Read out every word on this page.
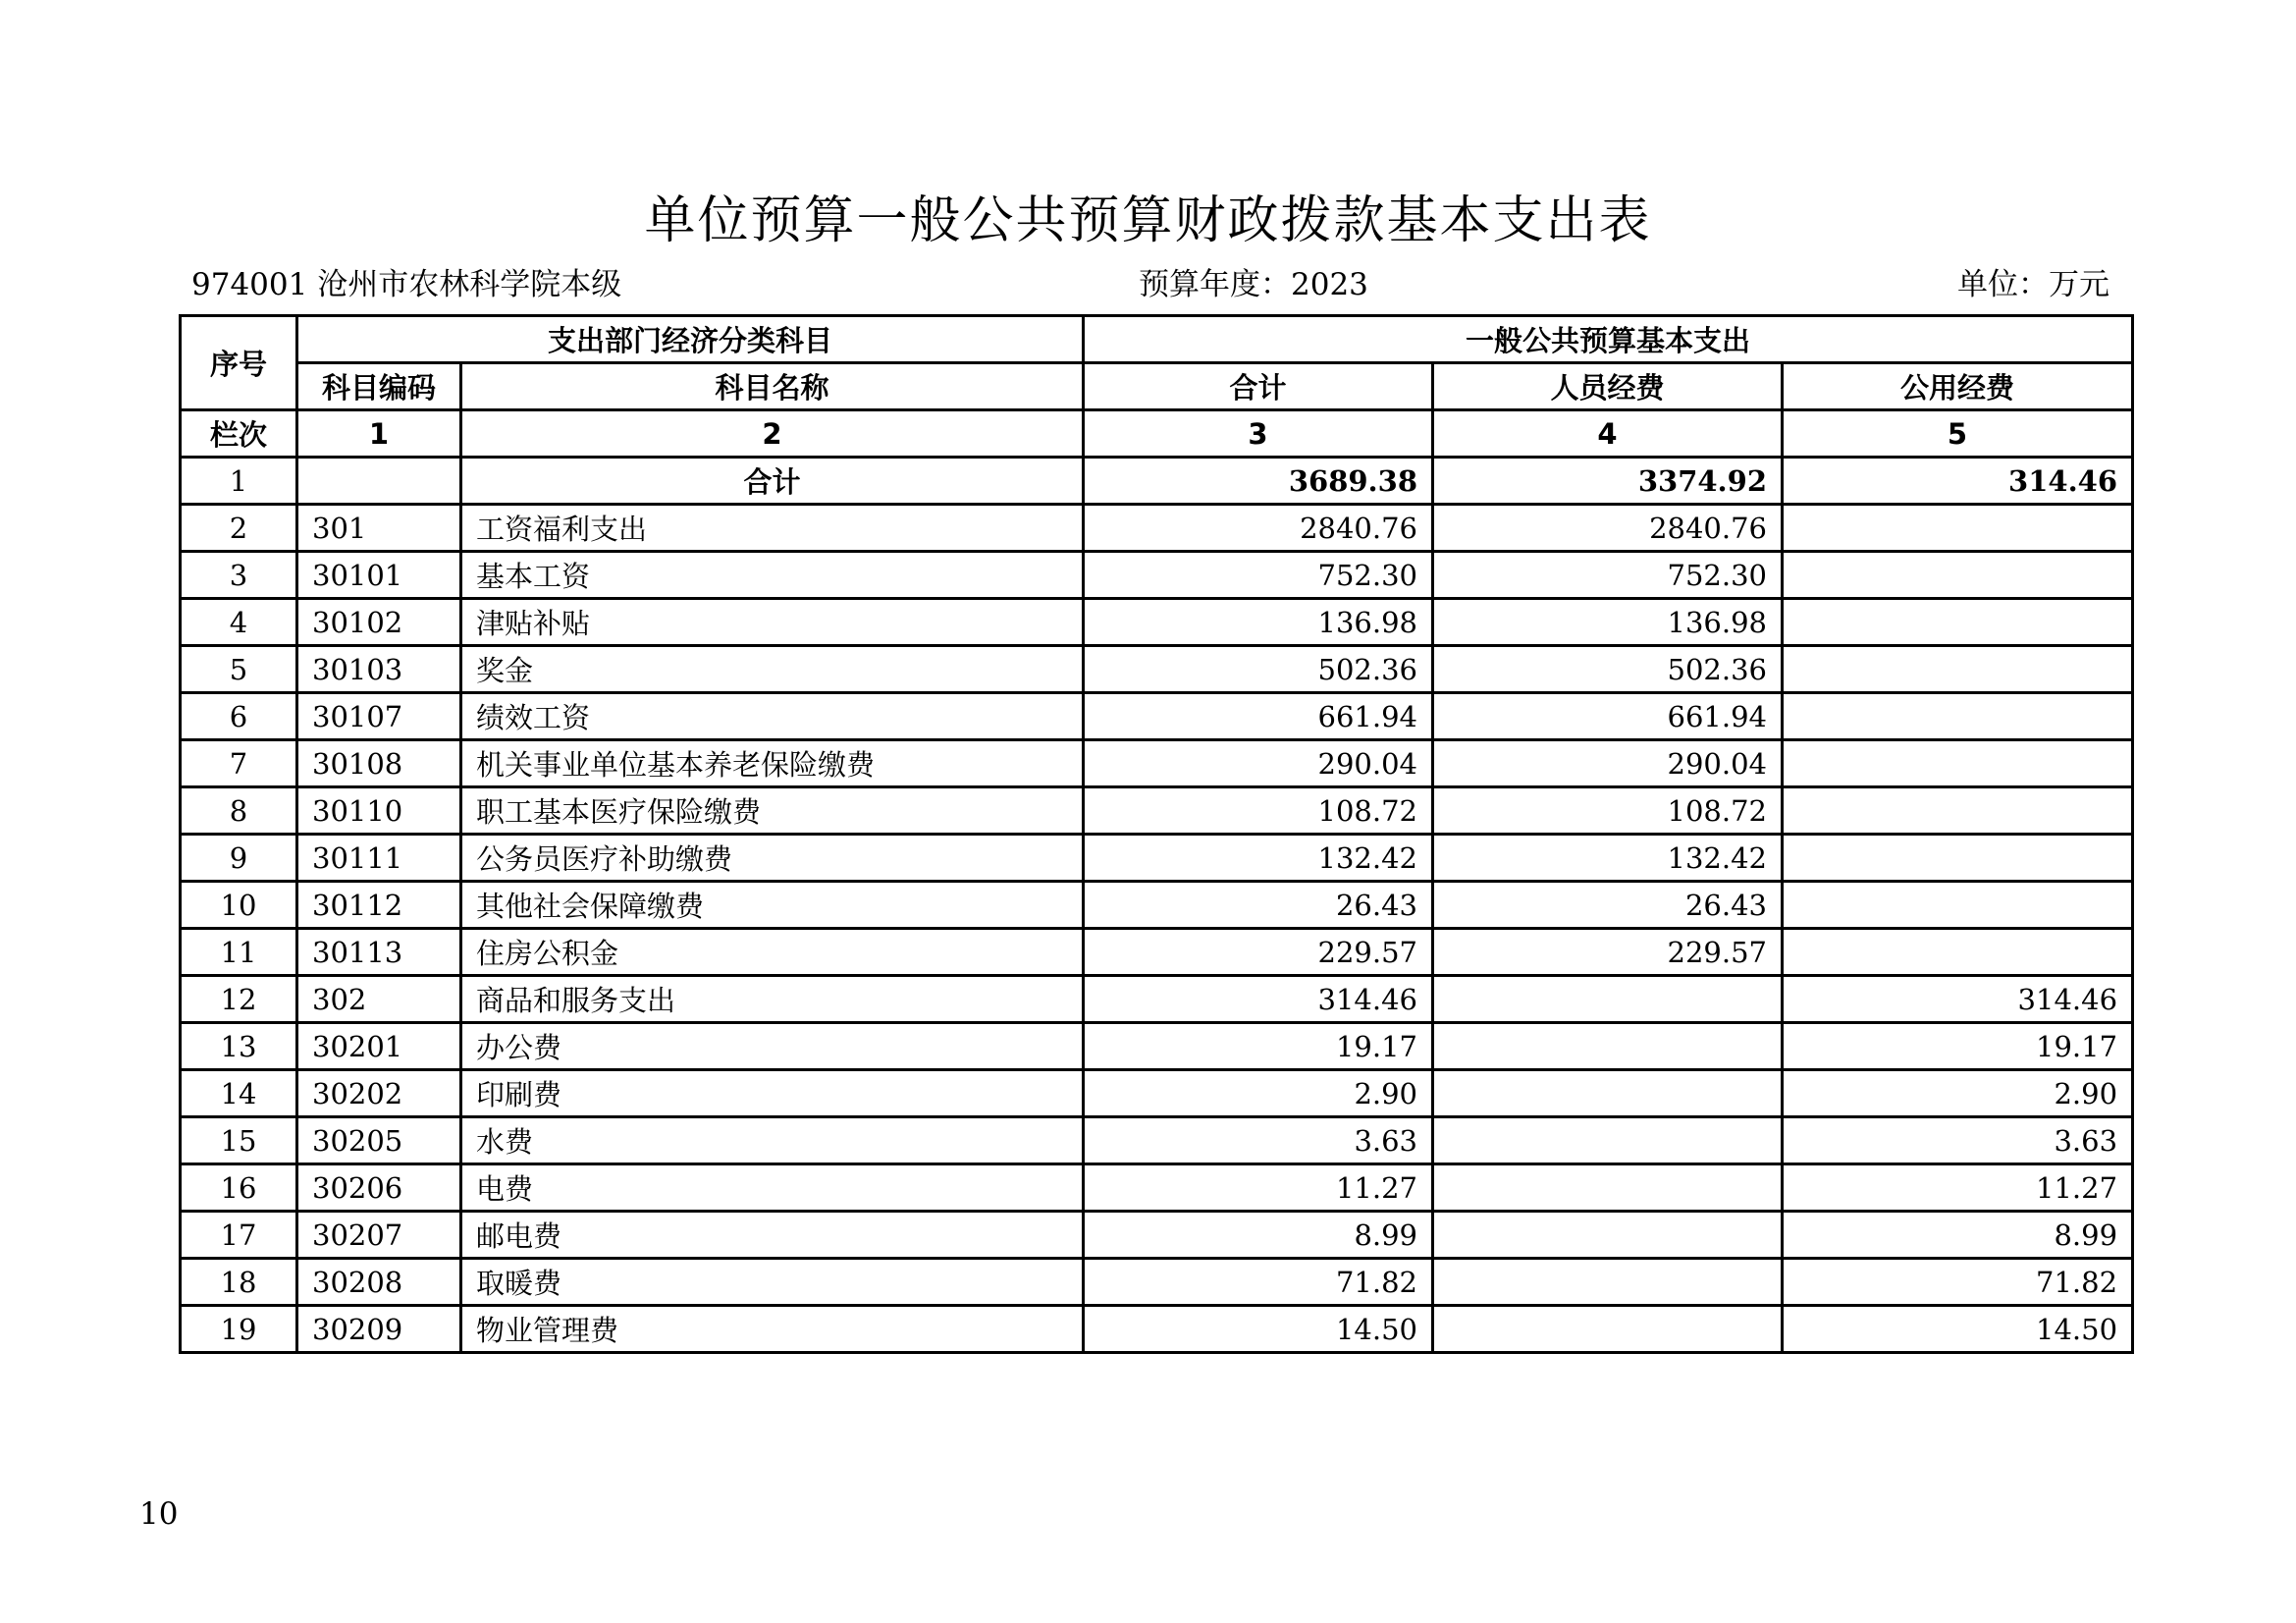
单位预算一般公共预算财政拨款基本支出表
974001 沧州市农林科学院本级	预算年度：2023	单位：万元
序号	支出部门经济分类科目		一般公共预算基本支出		
	科目编码	科目名称	合计	人员经费	公用经费
栏次	1	2	3	4	5
1		合计	3689.38	3374.92	314.46
2	301	工资福利支出	2840.76	2840.76	
3	30101	基本工资	752.30	752.30	
4	30102	津贴补贴	136.98	136.98	
5	30103	奖金	502.36	502.36	
6	30107	绩效工资	661.94	661.94	
7	30108	机关事业单位基本养老保险缴费	290.04	290.04	
8	30110	职工基本医疗保险缴费	108.72	108.72	
9	30111	公务员医疗补助缴费	132.42	132.42	
10	30112	其他社会保障缴费	26.43	26.43	
11	30113	住房公积金	229.57	229.57	
12	302	商品和服务支出	314.46		314.46
13	30201	办公费	19.17		19.17
14	30202	印刷费	2.90		2.90
15	30205	水费	3.63		3.63
16	30206	电费	11.27		11.27
17	30207	邮电费	8.99		8.99
18	30208	取暖费	71.82		71.82
19	30209	物业管理费	14.50		14.50
10
